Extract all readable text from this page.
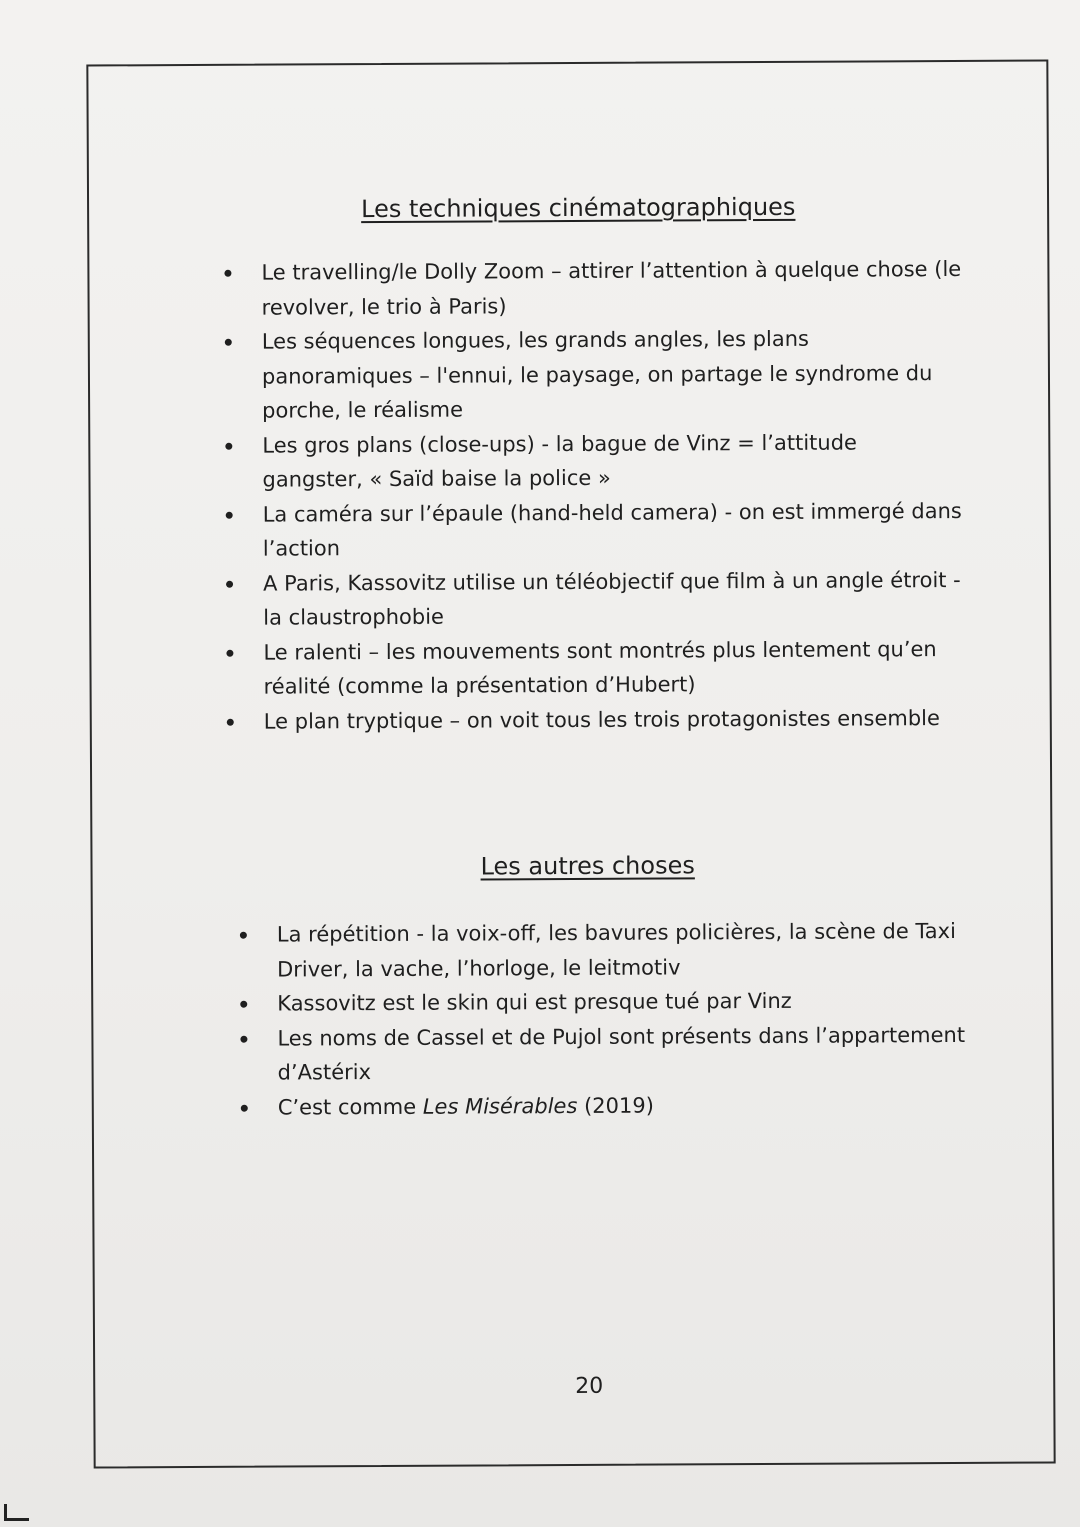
Les techniques cinématographiques
Le travelling/le Dolly Zoom – attirer l’attention à quelque chose (le revolver, le trio à Paris)
Les séquences longues, les grands angles, les plans panoramiques – l'ennui, le paysage, on partage le syndrome du porche, le réalisme
Les gros plans (close-ups) - la bague de Vinz = l’attitude gangster, « Saïd baise la police »
La caméra sur l’épaule (hand-held camera) - on est immergé dans l’action
A Paris, Kassovitz utilise un téléobjectif que film à un angle étroit - la claustrophobie
Le ralenti – les mouvements sont montrés plus lentement qu’en réalité (comme la présentation d’Hubert)
Le plan tryptique – on voit tous les trois protagonistes ensemble
Les autres choses
La répétition - la voix-off, les bavures policières, la scène de Taxi Driver, la vache, l’horloge, le leitmotiv
Kassovitz est le skin qui est presque tué par Vinz
Les noms de Cassel et de Pujol sont présents dans l’appartement d’Astérix
C’est comme Les Misérables (2019)
20
